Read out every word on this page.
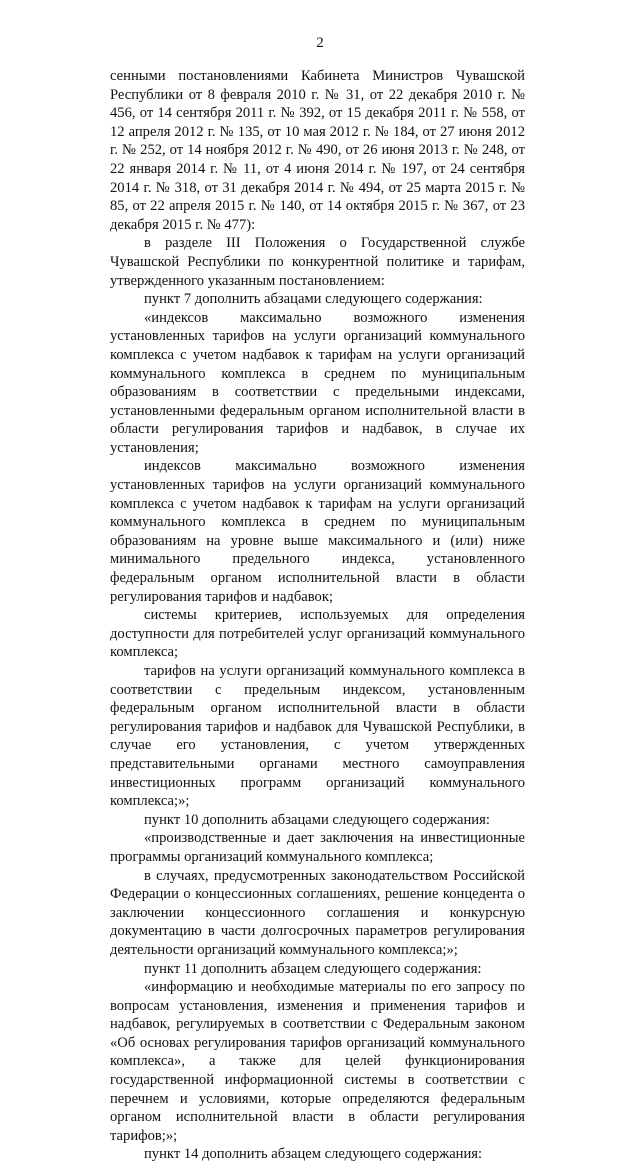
2

сенными постановлениями Кабинета Министров Чувашской Республики от 8 февраля 2010 г. № 31, от 22 декабря 2010 г. № 456, от 14 сентября 2011 г. № 392, от 15 декабря 2011 г. № 558, от 12 апреля 2012 г. № 135, от 10 мая 2012 г. № 184, от 27 июня 2012 г. № 252, от 14 ноября 2012 г. № 490, от 26 июня 2013 г. № 248, от 22 января 2014 г. № 11, от 4 июня 2014 г. № 197, от 24 сентября 2014 г. № 318, от 31 декабря 2014 г. № 494, от 25 марта 2015 г. № 85, от 22 апреля 2015 г. № 140, от 14 октября 2015 г. № 367, от 23 декабря 2015 г. № 477):

в разделе III Положения о Государственной службе Чувашской Республики по конкурентной политике и тарифам, утвержденного указанным постановлением:

пункт 7 дополнить абзацами следующего содержания:

«индексов максимально возможного изменения установленных тарифов на услуги организаций коммунального комплекса с учетом надбавок к тарифам на услуги организаций коммунального комплекса в среднем по муниципальным образованиям в соответствии с предельными индексами, установленными федеральным органом исполнительной власти в области регулирования тарифов и надбавок, в случае их установления;

индексов максимально возможного изменения установленных тарифов на услуги организаций коммунального комплекса с учетом надбавок к тарифам на услуги организаций коммунального комплекса в среднем по муниципальным образованиям на уровне выше максимального и (или) ниже минимального предельного индекса, установленного федеральным органом исполнительной власти в области регулирования тарифов и надбавок;

системы критериев, используемых для определения доступности для потребителей услуг организаций коммунального комплекса;

тарифов на услуги организаций коммунального комплекса в соответствии с предельным индексом, установленным федеральным органом исполнительной власти в области регулирования тарифов и надбавок для Чувашской Республики, в случае его установления, с учетом утвержденных представительными органами местного самоуправления инвестиционных программ организаций коммунального комплекса;»;

пункт 10 дополнить абзацами следующего содержания:

«производственные и дает заключения на инвестиционные программы организаций коммунального комплекса;

в случаях, предусмотренных законодательством Российской Федерации о концессионных соглашениях, решение концедента о заключении концессионного соглашения и конкурсную документацию в части долгосрочных параметров регулирования деятельности организаций коммунального комплекса;»;

пункт 11 дополнить абзацем следующего содержания:

«информацию и необходимые материалы по его запросу по вопросам установления, изменения и применения тарифов и надбавок, регулируемых в соответствии с Федеральным законом «Об основах регулирования тарифов организаций коммунального комплекса», а также для целей функционирования государственной информационной системы в соответствии с перечнем и условиями, которые определяются федеральным органом исполнительной власти в области регулирования тарифов;»;

пункт 14 дополнить абзацем следующего содержания:
